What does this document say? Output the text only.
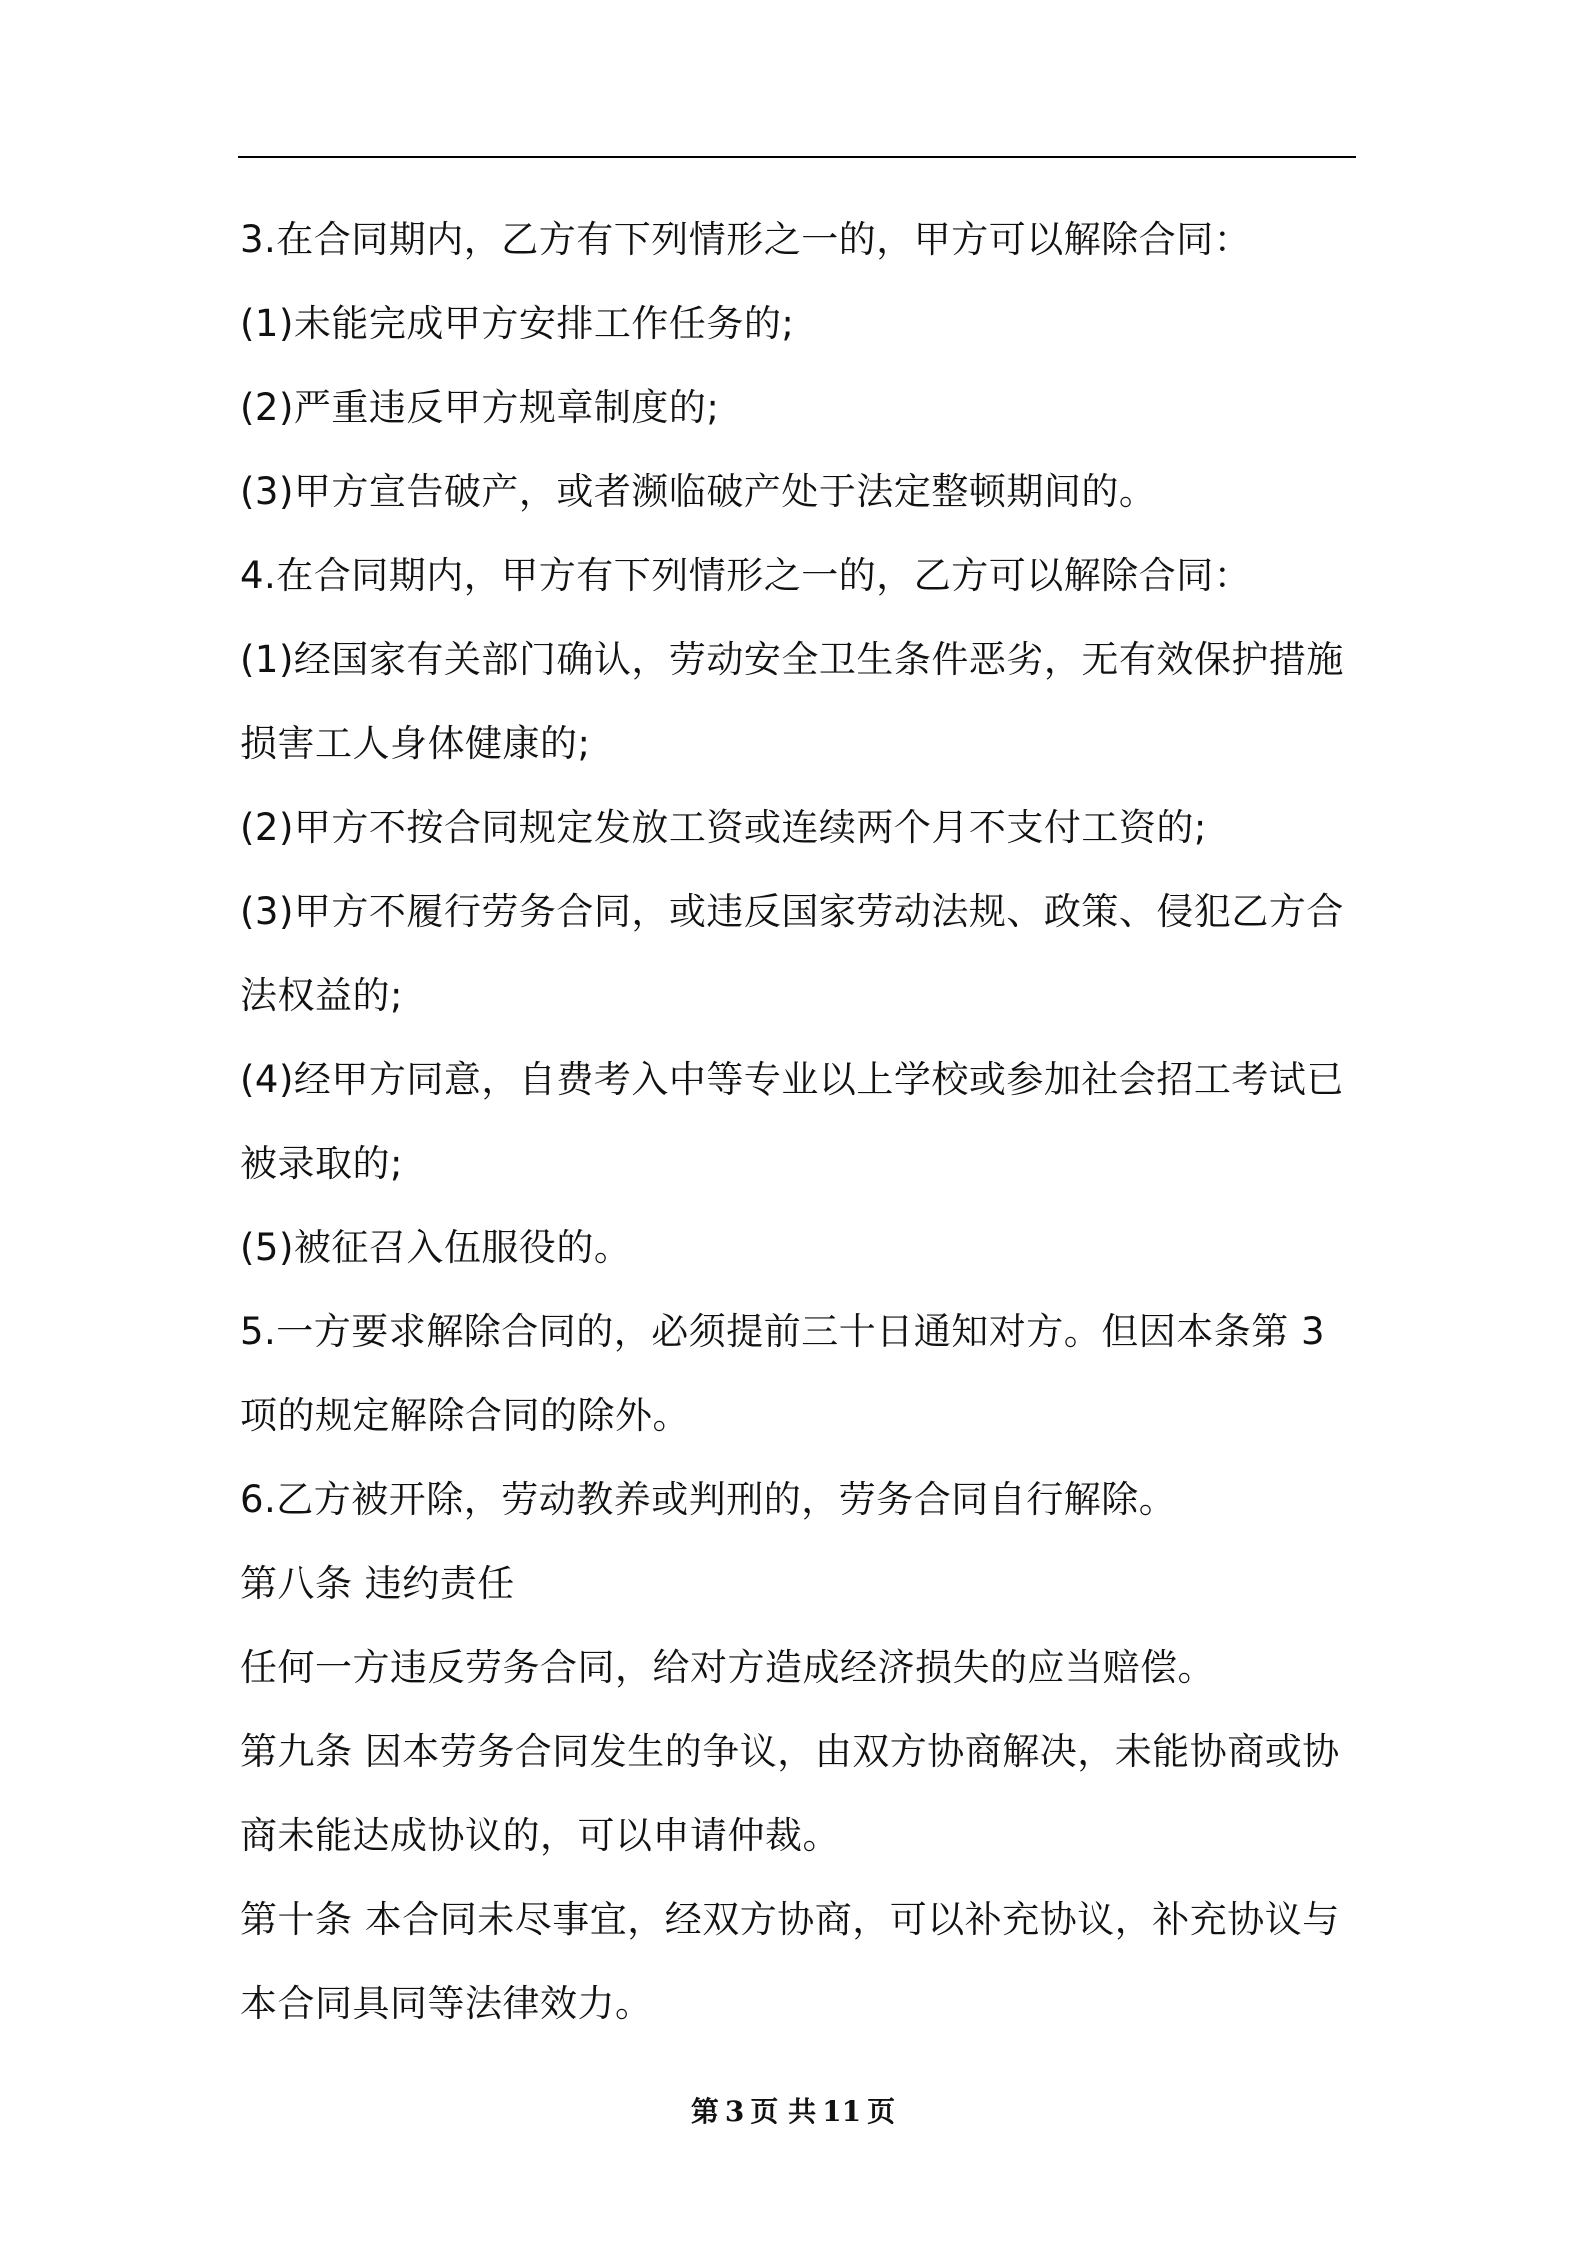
3.在合同期内，乙方有下列情形之一的，甲方可以解除合同：

(1)未能完成甲方安排工作任务的;

(2)严重违反甲方规章制度的;

(3)甲方宣告破产，或者濒临破产处于法定整顿期间的。

4.在合同期内，甲方有下列情形之一的，乙方可以解除合同：

(1)经国家有关部门确认，劳动安全卫生条件恶劣，无有效保护措施损害工人身体健康的;

(2)甲方不按合同规定发放工资或连续两个月不支付工资的;

(3)甲方不履行劳务合同，或违反国家劳动法规、政策、侵犯乙方合法权益的;

(4)经甲方同意，自费考入中等专业以上学校或参加社会招工考试已被录取的;

(5)被征召入伍服役的。

5.一方要求解除合同的，必须提前三十日通知对方。但因本条第 3 项的规定解除合同的除外。

6.乙方被开除，劳动教养或判刑的，劳务合同自行解除。

第八条 违约责任

任何一方违反劳务合同，给对方造成经济损失的应当赔偿。

第九条 因本劳务合同发生的争议，由双方协商解决，未能协商或协商未能达成协议的，可以申请仲裁。

第十条 本合同未尽事宜，经双方协商，可以补充协议，补充协议与本合同具同等法律效力。

第 3 页 共 11 页
